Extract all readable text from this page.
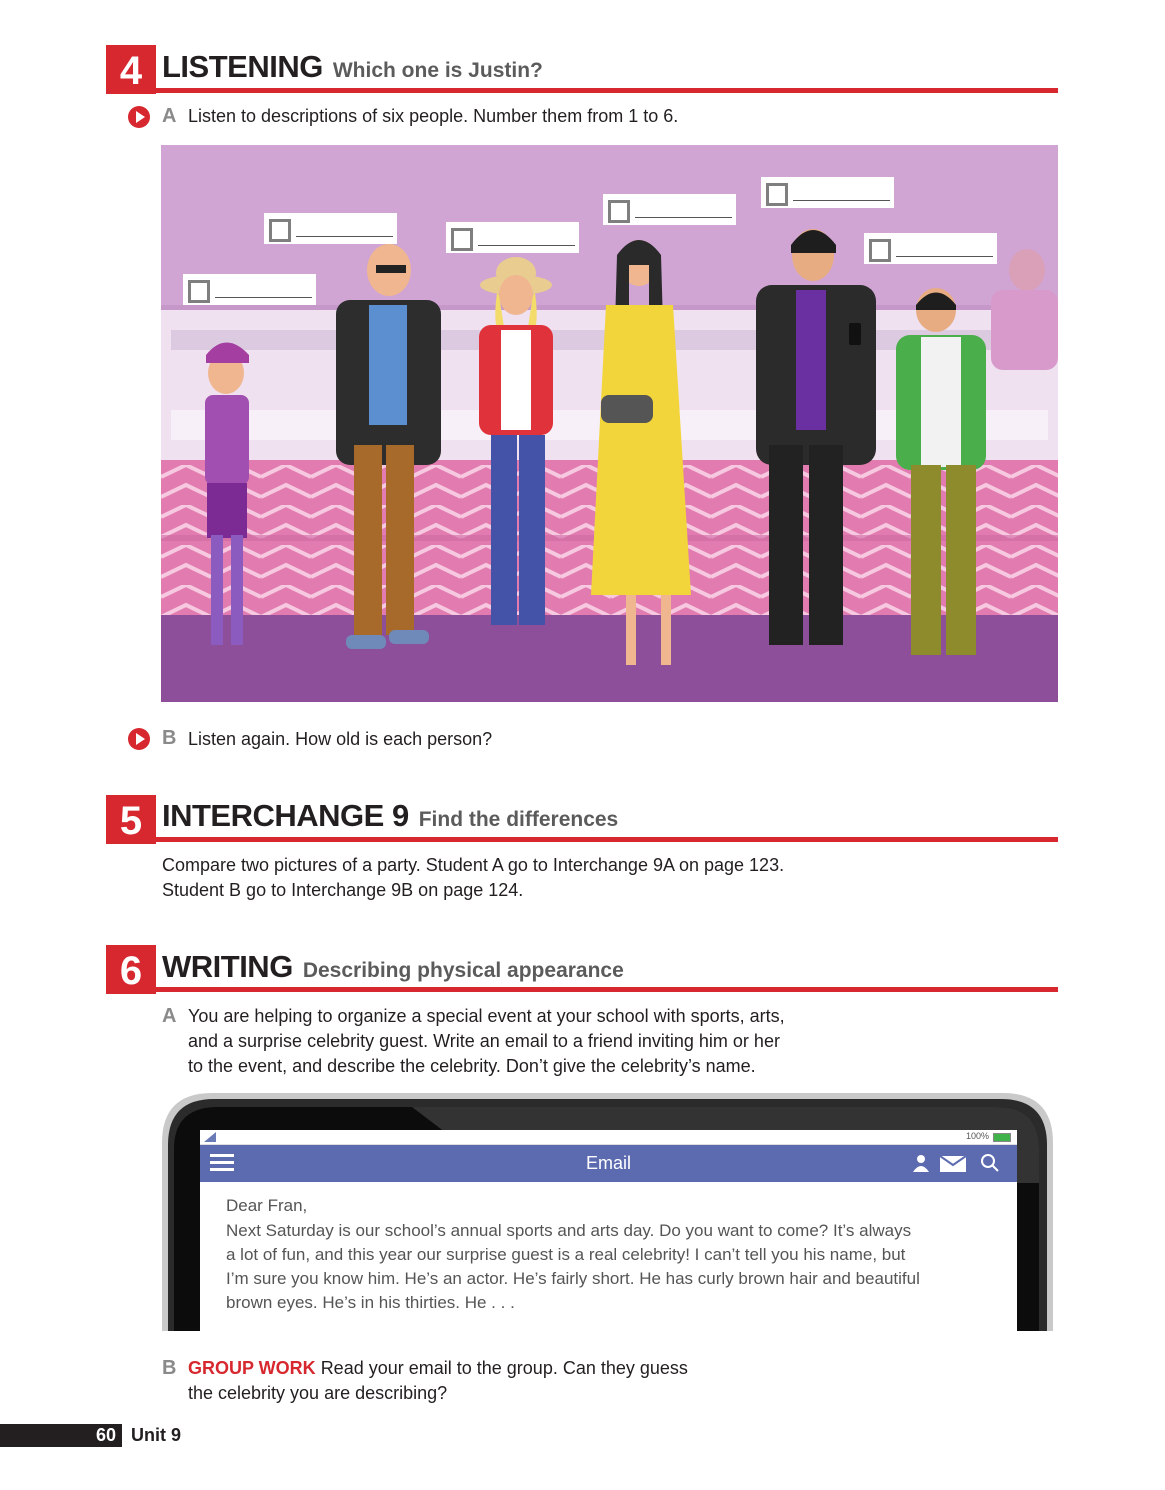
4 LISTENING Which one is Justin?
A Listen to descriptions of six people. Number them from 1 to 6.
B Listen again. How old is each person?
5 INTERCHANGE 9 Find the differences
Compare two pictures of a party. Student A go to Interchange 9A on page 123.
Student B go to Interchange 9B on page 124.
6 WRITING Describing physical appearance
A You are helping to organize a special event at your school with sports, arts,
and a surprise celebrity guest. Write an email to a friend inviting him or her
to the event, and describe the celebrity. Don’t give the celebrity’s name.
100%
Email
Dear Fran,
Next Saturday is our school’s annual sports and arts day. Do you want to come? It’s always
a lot of fun, and this year our surprise guest is a real celebrity! I can’t tell you his name, but
I’m sure you know him. He’s an actor. He’s fairly short. He has curly brown hair and beautiful
brown eyes. He’s in his thirties. He . . .
B GROUP WORK Read your email to the group. Can they guess
the celebrity you are describing?
60 Unit 9
